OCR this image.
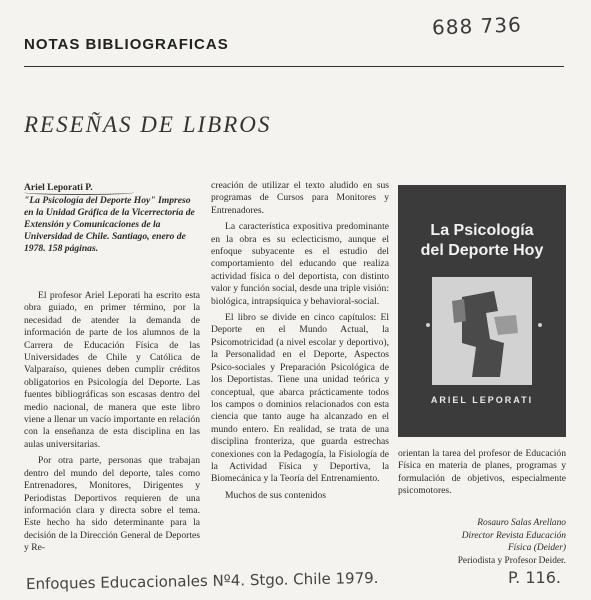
688 736
NOTAS BIBLIOGRAFICAS
RESEÑAS DE LIBROS
Ariel Leporati P.
"La Psicología del Deporte Hoy" Impreso en la Unidad Gráfica de la Vicerrectoría de Extensión y Comunicaciones de la Universidad de Chile. Santiago, enero de 1978. 158 páginas.

El profesor Ariel Leporati ha escrito esta obra guiado, en primer término, por la necesidad de atender la demanda de información de parte de los alumnos de la Carrera de Educación Física de las Universidades de Chile y Católica de Valparaíso, quienes deben cumplir créditos obligatorios en Psicología del Deporte. Las fuentes bibliográficas son escasas dentro del medio nacional, de manera que este libro viene a llenar un vacío importante en relación con la enseñanza de esta disciplina en las aulas universitarias.

Por otra parte, personas que trabajan dentro del mundo del deporte, tales como Entrenadores, Monitores, Dirigentes y Periodistas Deportivos requieren de una información clara y directa sobre el tema. Este hecho ha sido determinante para la decisión de la Dirección General de Deportes y Re-

creación de utilizar el texto aludido en sus programas de Cursos para Monitores y Entrenadores.

La característica expositiva predominante en la obra es su eclecticismo, aunque el enfoque subyacente es el estudio del comportamiento del educando que realiza actividad física o del deportista, con distinto valor y función social, desde una triple visión: biológica, intrapsíquica y behavioral-social.

El libro se divide en cinco capítulos: El Deporte en el Mundo Actual, la Psicomotricidad (a nivel escolar y deportivo), la Personalidad en el Deporte, Aspectos Psico-sociales y Preparación Psicológica de los Deportistas. Tiene una unidad teórica y conceptual, que abarca prácticamente todos los campos o dominios relacionados con esta ciencia que tanto auge ha alcanzado en el mundo entero. En realidad, se trata de una disciplina fronteriza, que guarda estrechas conexiones con la Pedagogía, la Fisiología de la Actividad Física y Deportiva, la Biomecánica y la Teoría del Entrenamiento.

Muchos de sus contenidos

La Psicología
del Deporte Hoy
ARIEL LEPORATI

orientan la tarea del profesor de Educación Física en materia de planes, programas y formulación de objetivos, especialmente psicomotores.

Rosauro Salas Arellano
Director Revista Educación
Física (Deider)
Periodista y Profesor Deider.
Enfoques Educacionales Nº4. Stgo. Chile 1979.	P. 116.
